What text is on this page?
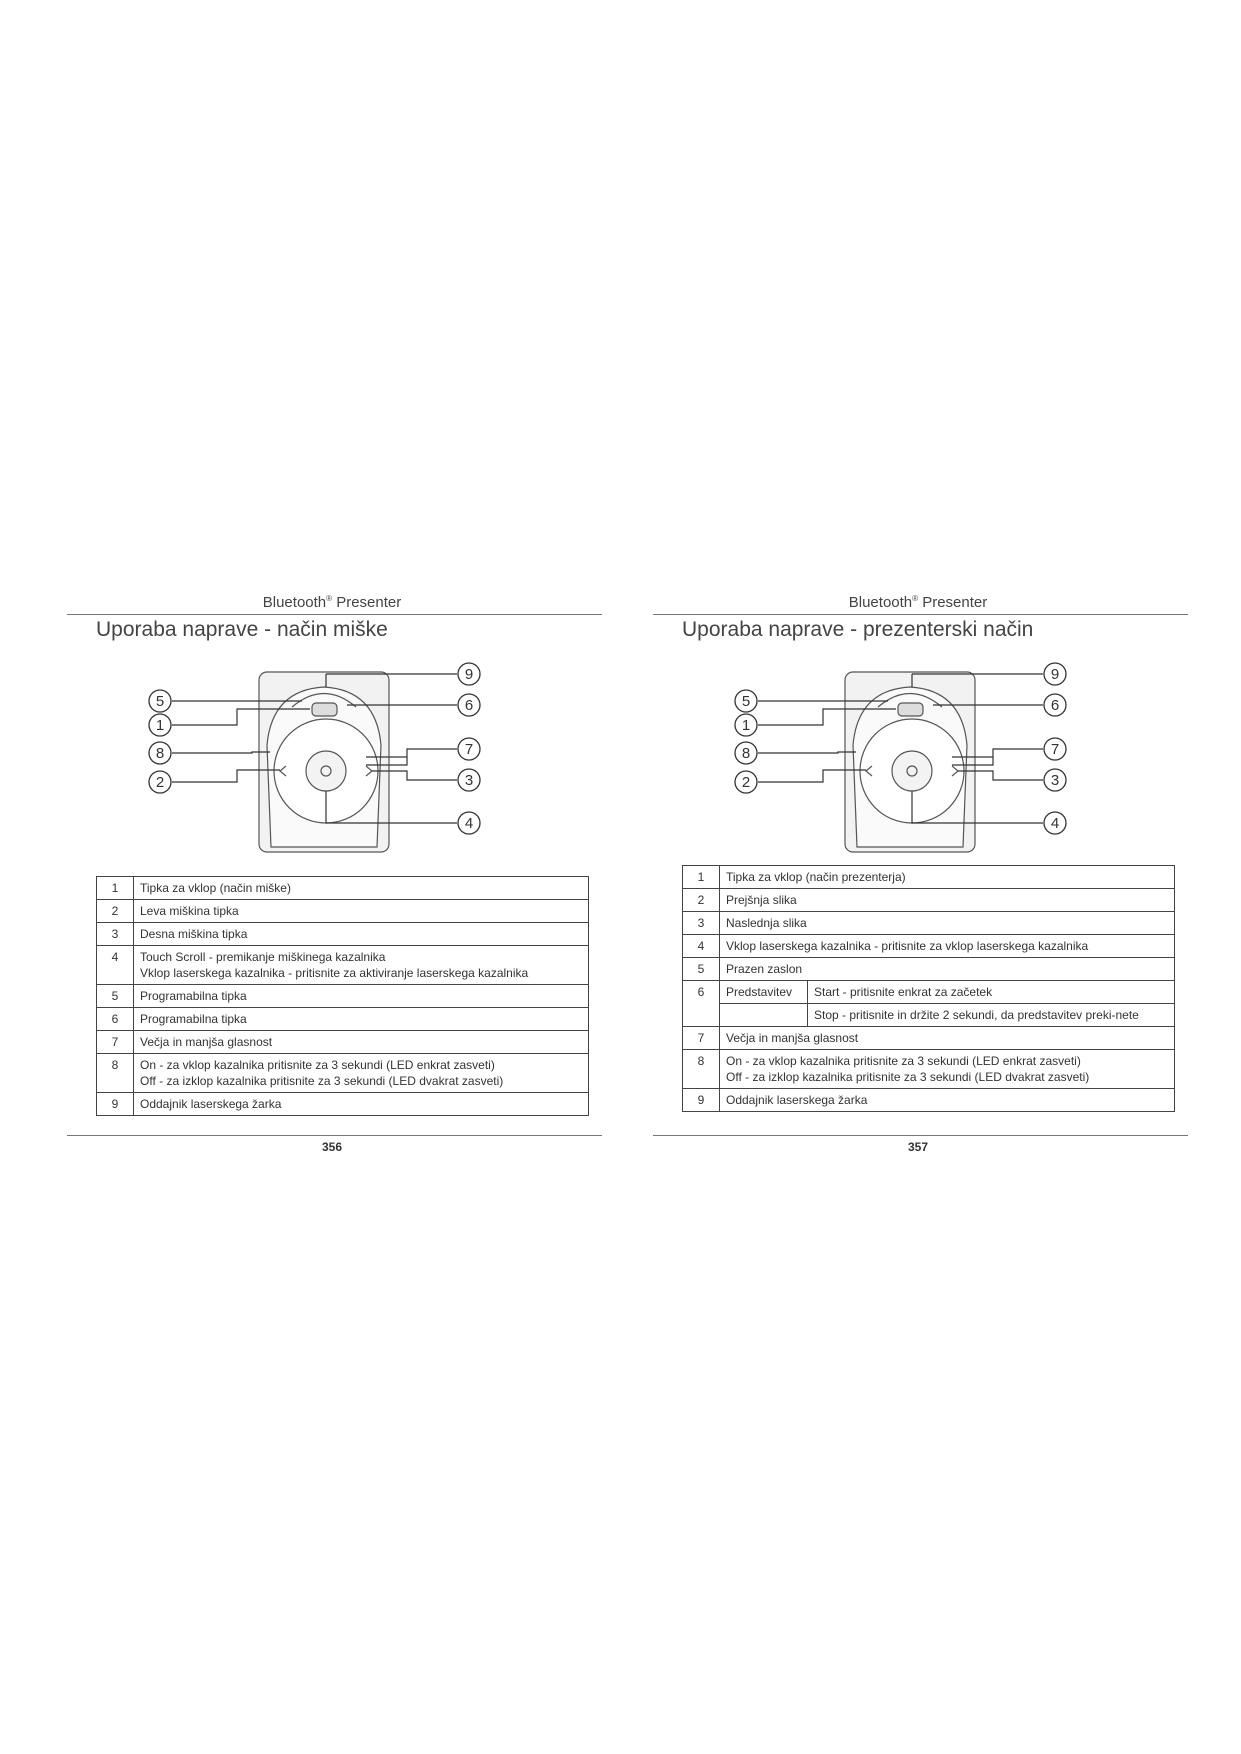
Bluetooth® Presenter
Uporaba naprave - način miške
9
5	6
1
7
8
3
2
4
1	Tipka za vklop (način miške)
2	Leva miškina tipka
3	Desna miškina tipka
4	Touch Scroll - premikanje miškinega kazalnika
Vklop laserskega kazalnika - pritisnite za aktiviranje laserskega kazalnika

5	Programabilna tipka
6	Programabilna tipka
7	Večja in manjša glasnost
8	On - za vklop kazalnika pritisnite za 3 sekundi (LED enkrat zasveti)
Off - za izklop kazalnika pritisnite za 3 sekundi (LED dvakrat zasveti)

9	Oddajnik laserskega žarka
356
Bluetooth® Presenter
Uporaba naprave - prezenterski način
9
5	6
1
7
8
3
2
4
1	Tipka za vklop (način prezenterja)	
2	Prejšnja slika	
3	Naslednja slika	
4	Vklop laserskega kazalnika - pritisnite za vklop laserskega kazalnika	
5	Prazen zaslon	
6	Predstavitev	Start - pritisnite enkrat za začetek
		Stop - pritisnite in držite 2 sekundi, da predstavitev preki-nete
7	Večja in manjša glasnost	
8	On - za vklop kazalnika pritisnite za 3 sekundi (LED enkrat zasveti)
Off - za izklop kazalnika pritisnite za 3 sekundi (LED dvakrat zasveti)	

9	Oddajnik laserskega žarka	
357
